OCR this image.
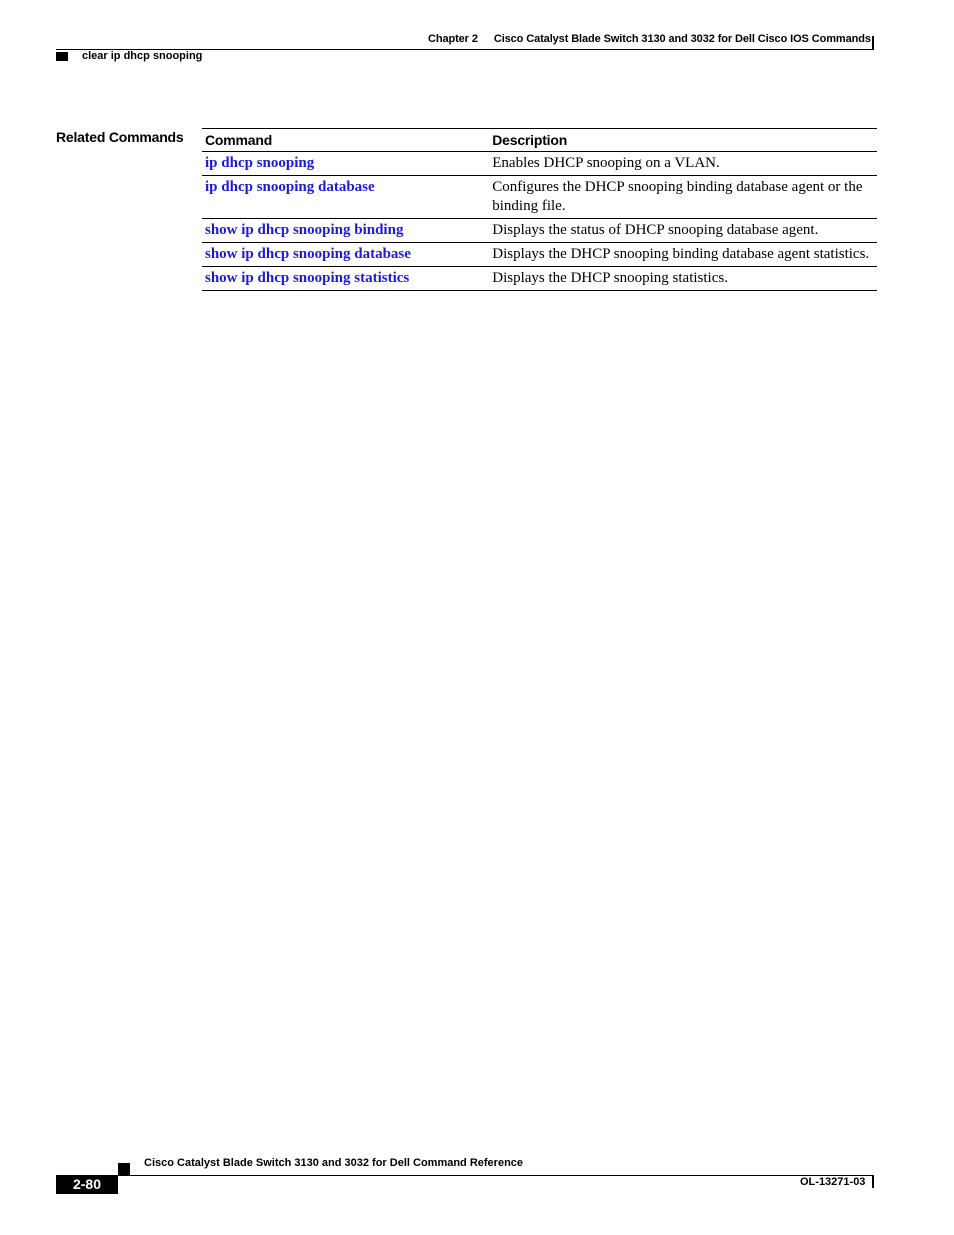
Chapter 2 Cisco Catalyst Blade Switch 3130 and 3032 for Dell Cisco IOS Commands
clear ip dhcp snooping
Related Commands Command	Description
ip dhcp snooping	Enables DHCP snooping on a VLAN.
ip dhcp snooping database	Configures the DHCP snooping binding database agent or the binding file.
show ip dhcp snooping binding	Displays the status of DHCP snooping database agent.
show ip dhcp snooping database	Displays the DHCP snooping binding database agent statistics.
show ip dhcp snooping statistics	Displays the DHCP snooping statistics.
Cisco Catalyst Blade Switch 3130 and 3032 for Dell Command Reference
2-80	OL-13271-03
